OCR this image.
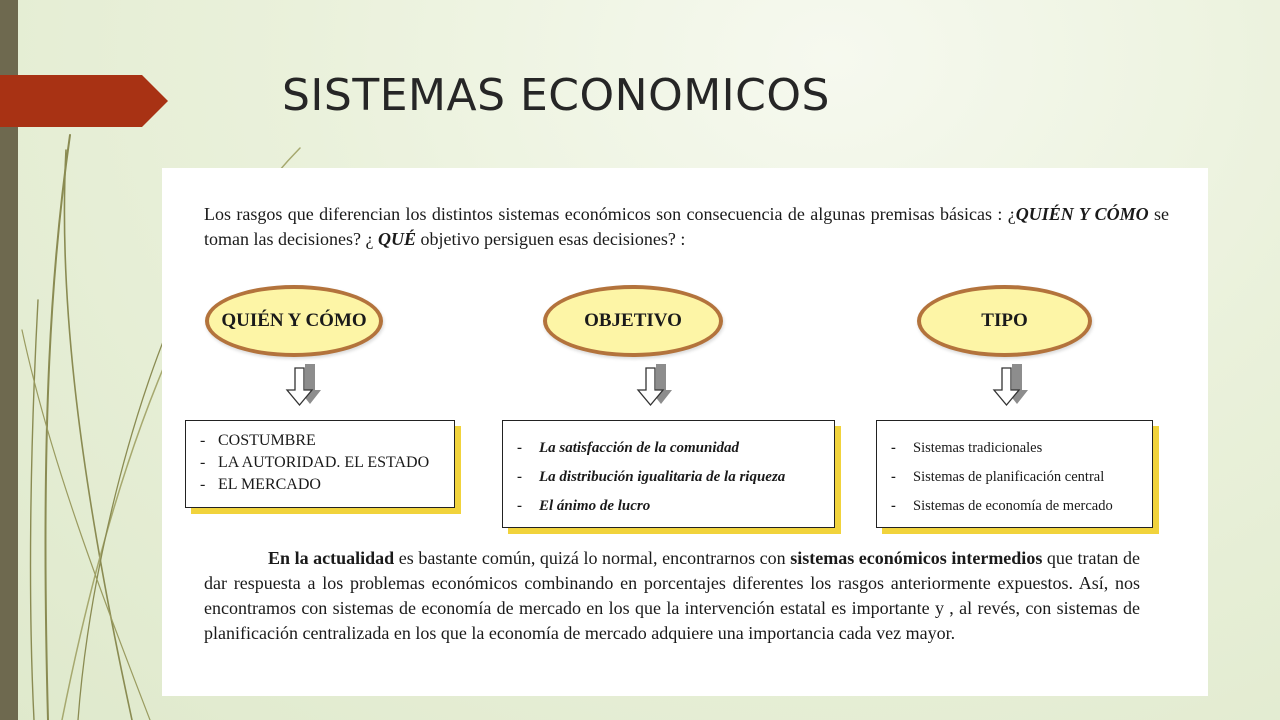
SISTEMAS ECONOMICOS

Los rasgos que diferencian los distintos sistemas económicos son consecuencia de algunas premisas básicas : ¿QUIÉN Y CÓMO se toman las decisiones? ¿ QUÉ objetivo persiguen esas decisiones? :

QUIÉN Y CÓMO	OBJETIVO	TIPO
- COSTUMBRE
- LA AUTORIDAD. EL ESTADO
- EL MERCADO
- La satisfacción de la comunidad
- La distribución igualitaria de la riqueza
- El ánimo de lucro
- Sistemas tradicionales
- Sistemas de planificación central
- Sistemas de economía de mercado

En la actualidad es bastante común, quizá lo normal, encontrarnos con sistemas económicos intermedios que tratan de dar respuesta a los problemas económicos combinando en porcentajes diferentes los rasgos anteriormente expuestos. Así, nos encontramos con sistemas de economía de mercado en los que la intervención estatal es importante y , al revés, con sistemas de planificación centralizada en los que la economía de mercado adquiere una importancia cada vez mayor.
